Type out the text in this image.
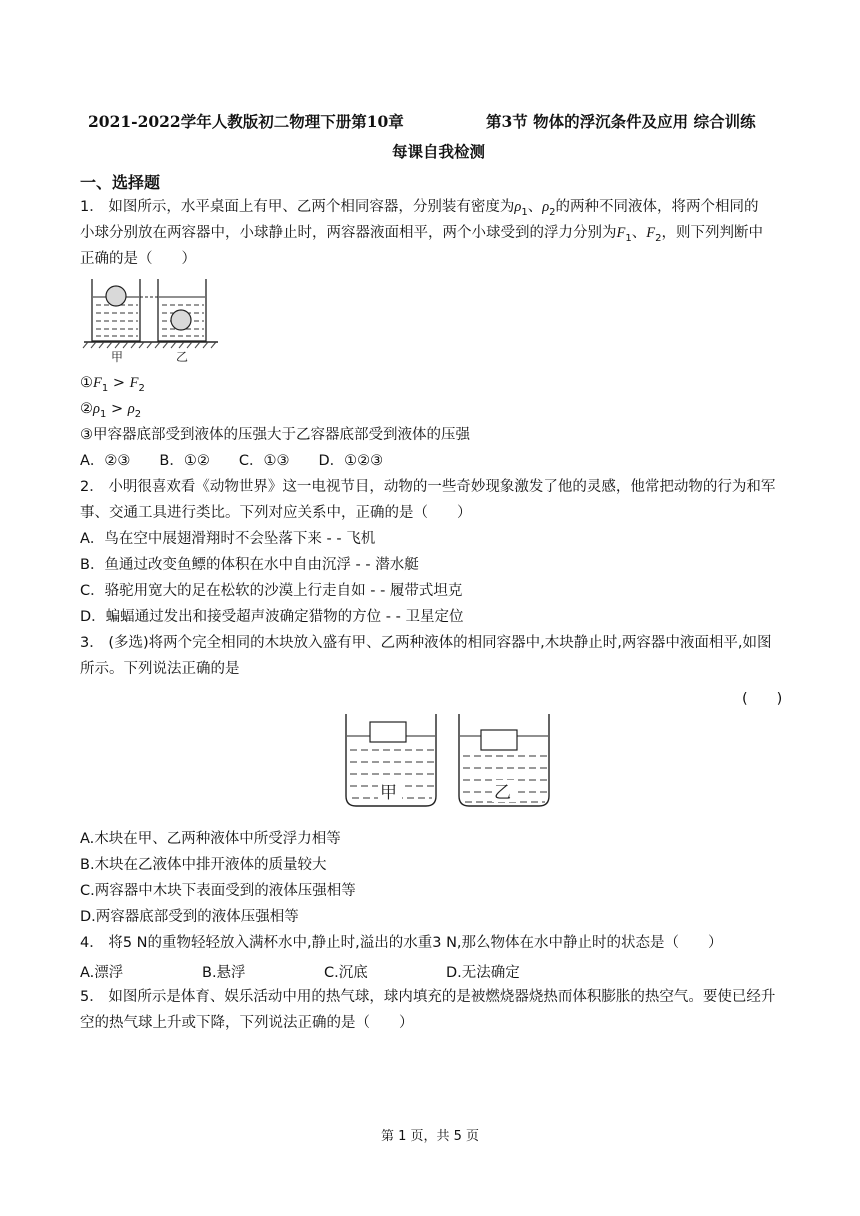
2021-2022学年人教版初二物理下册第10章	第3节 物体的浮沉条件及应用 综合训练
每课自我检测
一、选择题
1． 如图所示，水平桌面上有甲、乙两个相同容器，分别装有密度为$\rho_1$、$\rho_2$的两种不同液体，将两个相同的
小球分别放在两容器中，小球静止时，两容器液面相平，两个小球受到的浮力分别为$F_1$、$F_2$，则下列判断中
正确的是（　　）
甲	乙
$①F_1 > F_2$
$②\rho_1 > \rho_2$
③甲容器底部受到液体的压强大于乙容器底部受到液体的压强
A．②③　　B．①②　　C．①③　　D．①②③
2． 小明很喜欢看《动物世界》这一电视节目，动物的一些奇妙现象激发了他的灵感，他常把动物的行为和军
事、交通工具进行类比。下列对应关系中，正确的是（　　）
A．鸟在空中展翅滑翔时不会坠落下来 - - 飞机
B．鱼通过改变鱼鳔的体积在水中自由沉浮 - - 潜水艇
C．骆驼用宽大的足在松软的沙漠上行走自如 - - 履带式坦克
D．蝙蝠通过发出和接受超声波确定猎物的方位 - - 卫星定位
3． (多选)将两个完全相同的木块放入盛有甲、乙两种液体的相同容器中,木块静止时,两容器中液面相平,如图
所示。下列说法正确的是
(　　)
甲	乙
A.木块在甲、乙两种液体中所受浮力相等
B.木块在乙液体中排开液体的质量较大
C.两容器中木块下表面受到的液体压强相等
D.两容器底部受到的液体压强相等
4． 将5 N的重物轻轻放入满杯水中,静止时,溢出的水重3 N,那么物体在水中静止时的状态是（　　）
A.漂浮	B.悬浮	C.沉底	D.无法确定
5． 如图所示是体育、娱乐活动中用的热气球，球内填充的是被燃烧器烧热而体积膨胀的热空气。要使已经升
空的热气球上升或下降，下列说法正确的是（　　）
第 1 页，共 5 页
